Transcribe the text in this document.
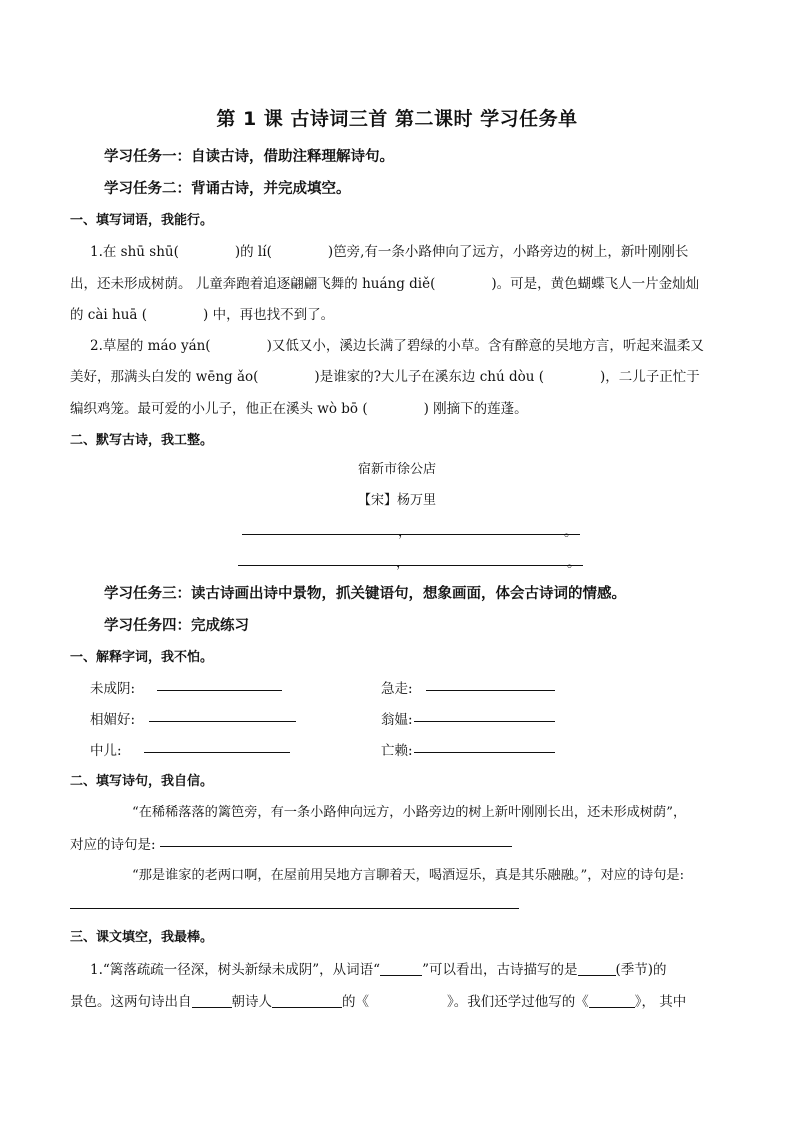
第 1 课 古诗词三首 第二课时 学习任务单
学习任务一：自读古诗，借助注释理解诗句。
学习任务二：背诵古诗，并完成填空。
一、填写词语，我能行。
1.在 shū shū(	)的 lí(	)笆旁,有一条小路伸向了远方，小路旁边的树上，新叶刚刚长
出，还未形成树荫。 儿童奔跑着追逐翩翩飞舞的 huáng diě(	)。可是，黄色蝴蝶飞人一片金灿灿
的 cài huā (	) 中，再也找不到了。
2.草屋的 máo yán(	)又低又小，溪边长满了碧绿的小草。含有醉意的吴地方言，听起来温柔又
美好，那满头白发的 wēng ǎo(	)是谁家的?大儿子在溪东边 chú dòu (	)，二儿子正忙于
编织鸡笼。最可爱的小儿子，他正在溪头 wò bō (	) 刚摘下的莲蓬。
二、默写古诗，我工整。
宿新市徐公店
【宋】杨万里
，	。
，	。
学习任务三：读古诗画出诗中景物，抓关键语句，想象画面，体会古诗词的情感。
学习任务四：完成练习
一、解释字词，我不怕。
未成阴:	急走:
相媚好:	翁媪:
中儿:	亡赖:
二、填写诗句，我自信。
“在稀稀落落的篱笆旁，有一条小路伸向远方，小路旁边的树上新叶刚刚长出，还未形成树荫”，
对应的诗句是:
“那是谁家的老两口啊，在屋前用吴地方言聊着天，喝酒逗乐，真是其乐融融。”，对应的诗句是:
三、课文填空，我最棒。
1.“篱落疏疏一径深，树头新绿未成阴”，从词语“	”可以看出，古诗描写的是	(季节)的
景色。这两句诗出自	朝诗人	的《	》。我们还学过他写的《	》， 其中
